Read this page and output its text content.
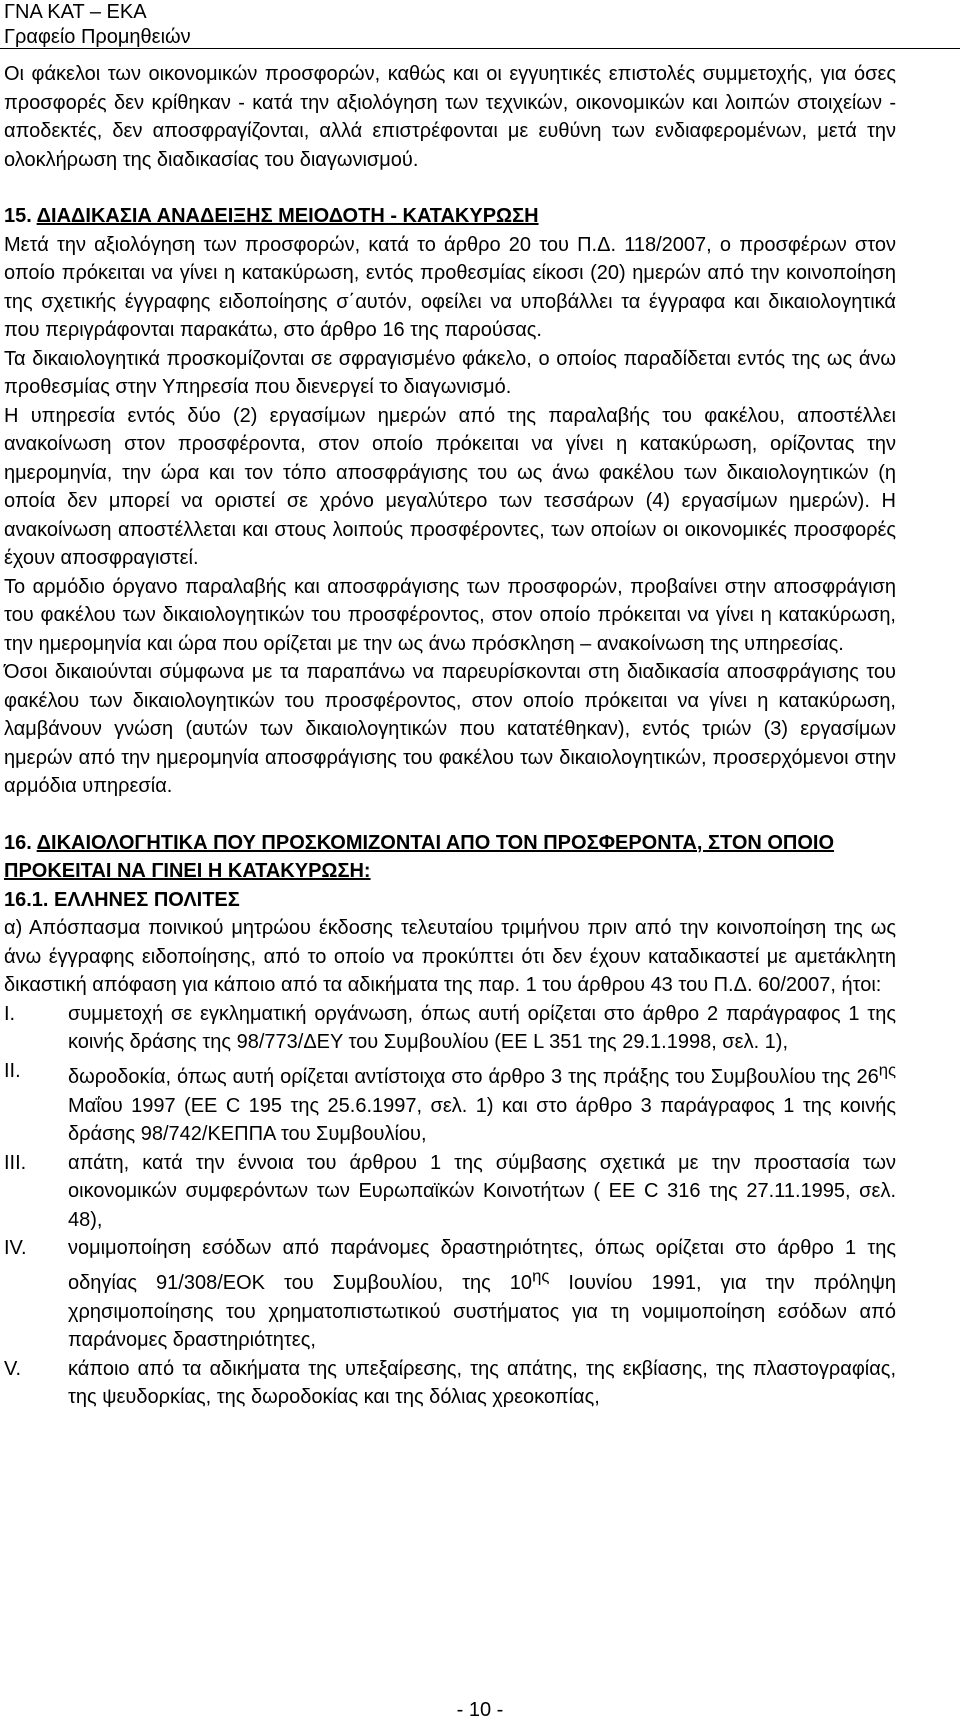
ΓΝΑ ΚΑΤ – ΕΚΑ
Γραφείο Προμηθειών

Οι φάκελοι των οικονομικών προσφορών, καθώς και οι εγγυητικές επιστολές συμμετοχής, για όσες προσφορές δεν κρίθηκαν - κατά την αξιολόγηση των τεχνικών, οικονομικών και λοιπών στοιχείων - αποδεκτές, δεν αποσφραγίζονται, αλλά επιστρέφονται με ευθύνη των ενδιαφερομένων, μετά την ολοκλήρωση της διαδικασίας του διαγωνισμού.

15. ΔΙΑΔΙΚΑΣΙΑ ΑΝΑΔΕΙΞΗΣ ΜΕΙΟΔΟΤΗ - ΚΑΤΑΚΥΡΩΣΗ

Μετά την αξιολόγηση των προσφορών, κατά το άρθρο 20 του Π.Δ. 118/2007, ο προσφέρων στον οποίο πρόκειται να γίνει η κατακύρωση, εντός προθεσμίας είκοσι (20) ημερών από την κοινοποίηση της σχετικής έγγραφης ειδοποίησης σ΄αυτόν, οφείλει να υποβάλλει τα έγγραφα και δικαιολογητικά που περιγράφονται παρακάτω, στο άρθρο 16 της παρούσας.

Τα δικαιολογητικά προσκομίζονται σε σφραγισμένο φάκελο, ο οποίος παραδίδεται εντός της ως άνω προθεσμίας στην Υπηρεσία που διενεργεί το διαγωνισμό.

Η υπηρεσία εντός δύο (2) εργασίμων ημερών από της παραλαβής του φακέλου, αποστέλλει ανακοίνωση στον προσφέροντα, στον οποίο πρόκειται να γίνει η κατακύρωση, ορίζοντας την ημερομηνία, την ώρα και τον τόπο αποσφράγισης του ως άνω φακέλου των δικαιολογητικών (η οποία δεν μπορεί να οριστεί σε χρόνο μεγαλύτερο των τεσσάρων (4) εργασίμων ημερών). Η ανακοίνωση αποστέλλεται και στους λοιπούς προσφέροντες, των οποίων οι οικονομικές προσφορές έχουν αποσφραγιστεί.

Το αρμόδιο όργανο παραλαβής και αποσφράγισης των προσφορών, προβαίνει στην αποσφράγιση του φακέλου των δικαιολογητικών του προσφέροντος, στον οποίο πρόκειται να γίνει η κατακύρωση, την ημερομηνία και ώρα που ορίζεται με την ως άνω πρόσκληση – ανακοίνωση της υπηρεσίας.

Όσοι δικαιούνται σύμφωνα με τα παραπάνω να παρευρίσκονται στη διαδικασία αποσφράγισης του φακέλου των δικαιολογητικών του προσφέροντος, στον οποίο πρόκειται να γίνει η κατακύρωση, λαμβάνουν γνώση (αυτών των δικαιολογητικών που κατατέθηκαν), εντός τριών (3) εργασίμων ημερών από την ημερομηνία αποσφράγισης του φακέλου των δικαιολογητικών, προσερχόμενοι στην αρμόδια υπηρεσία.

16. ΔΙΚΑΙΟΛΟΓΗΤΙΚΑ ΠΟΥ ΠΡΟΣΚΟΜΙΖΟΝΤΑΙ ΑΠΟ ΤΟΝ ΠΡΟΣΦΕΡΟΝΤΑ, ΣΤΟΝ ΟΠΟΙΟ ΠΡΟΚΕΙΤΑΙ ΝΑ ΓΙΝΕΙ Η ΚΑΤΑΚΥΡΩΣΗ:

16.1. ΕΛΛΗΝΕΣ ΠΟΛΙΤΕΣ

α) Απόσπασμα ποινικού μητρώου έκδοσης τελευταίου τριμήνου πριν από την κοινοποίηση της ως άνω έγγραφης ειδοποίησης, από το οποίο να προκύπτει ότι δεν έχουν καταδικαστεί με αμετάκλητη δικαστική απόφαση για κάποιο από τα αδικήματα της παρ. 1 του άρθρου 43 του Π.Δ. 60/2007, ήτοι:

I.	συμμετοχή σε εγκληματική οργάνωση, όπως αυτή ορίζεται στο άρθρο 2 παράγραφος 1 της κοινής δράσης της 98/773/ΔΕΥ του Συμβουλίου (ΕΕ L 351 της 29.1.1998, σελ. 1),
II.	δωροδοκία, όπως αυτή ορίζεται αντίστοιχα στο άρθρο 3 της πράξης του Συμβουλίου της $26^{\eta\varsigma}$ Μαΐου 1997 (ΕΕ C 195 της 25.6.1997, σελ. 1) και στο άρθρο 3 παράγραφος 1 της κοινής δράσης 98/742/ΚΕΠΠΑ του Συμβουλίου,
III.	απάτη, κατά την έννοια του άρθρου 1 της σύμβασης σχετικά με την προστασία των οικονομικών συμφερόντων των Ευρωπαϊκών Κοινοτήτων ( ΕΕ C 316 της 27.11.1995, σελ. 48),
IV.	νομιμοποίηση εσόδων από παράνομες δραστηριότητες, όπως ορίζεται στο άρθρο 1 της οδηγίας 91/308/ΕΟΚ του Συμβουλίου, της $10^{\eta\varsigma}$ Ιουνίου 1991, για την πρόληψη χρησιμοποίησης του χρηματοπιστωτικού συστήματος για τη νομιμοποίηση εσόδων από παράνομες δραστηριότητες,
V.	κάποιο από τα αδικήματα της υπεξαίρεσης, της απάτης, της εκβίασης, της πλαστογραφίας, της ψευδορκίας, της δωροδοκίας και της δόλιας χρεοκοπίας,
- 10 -
